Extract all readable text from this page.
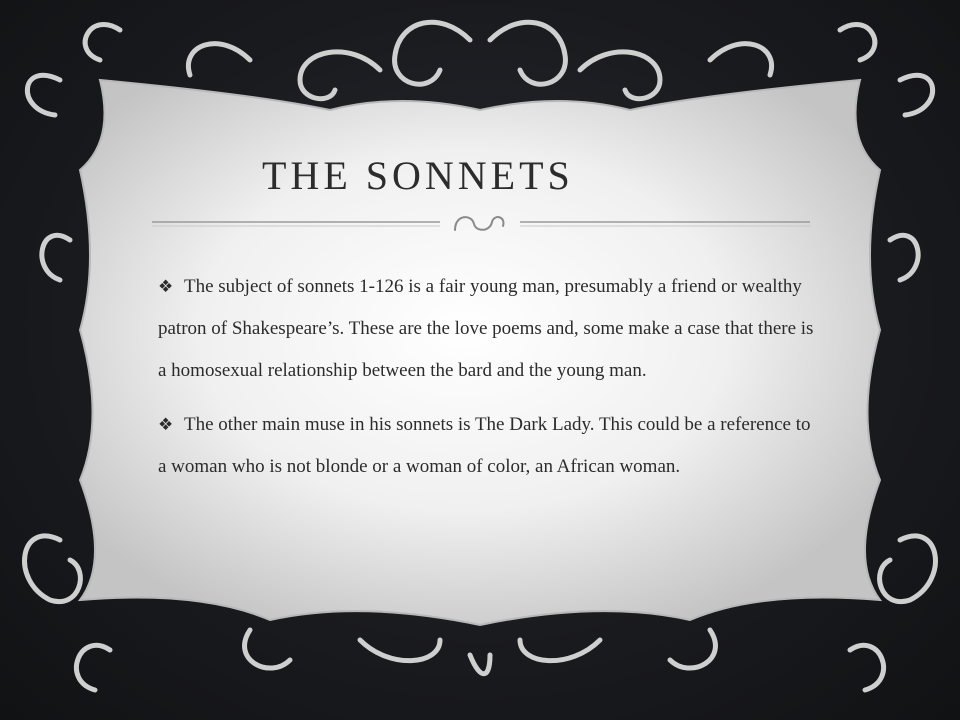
THE SONNETS

❖ The subject of sonnets 1-126 is a fair young man, presumably a friend or wealthy patron of Shakespeare’s. These are the love poems and, some make a case that there is a homosexual relationship between the bard and the young man.

❖ The other main muse in his sonnets is The Dark Lady. This could be a reference to a woman who is not blonde or a woman of color, an African woman.
